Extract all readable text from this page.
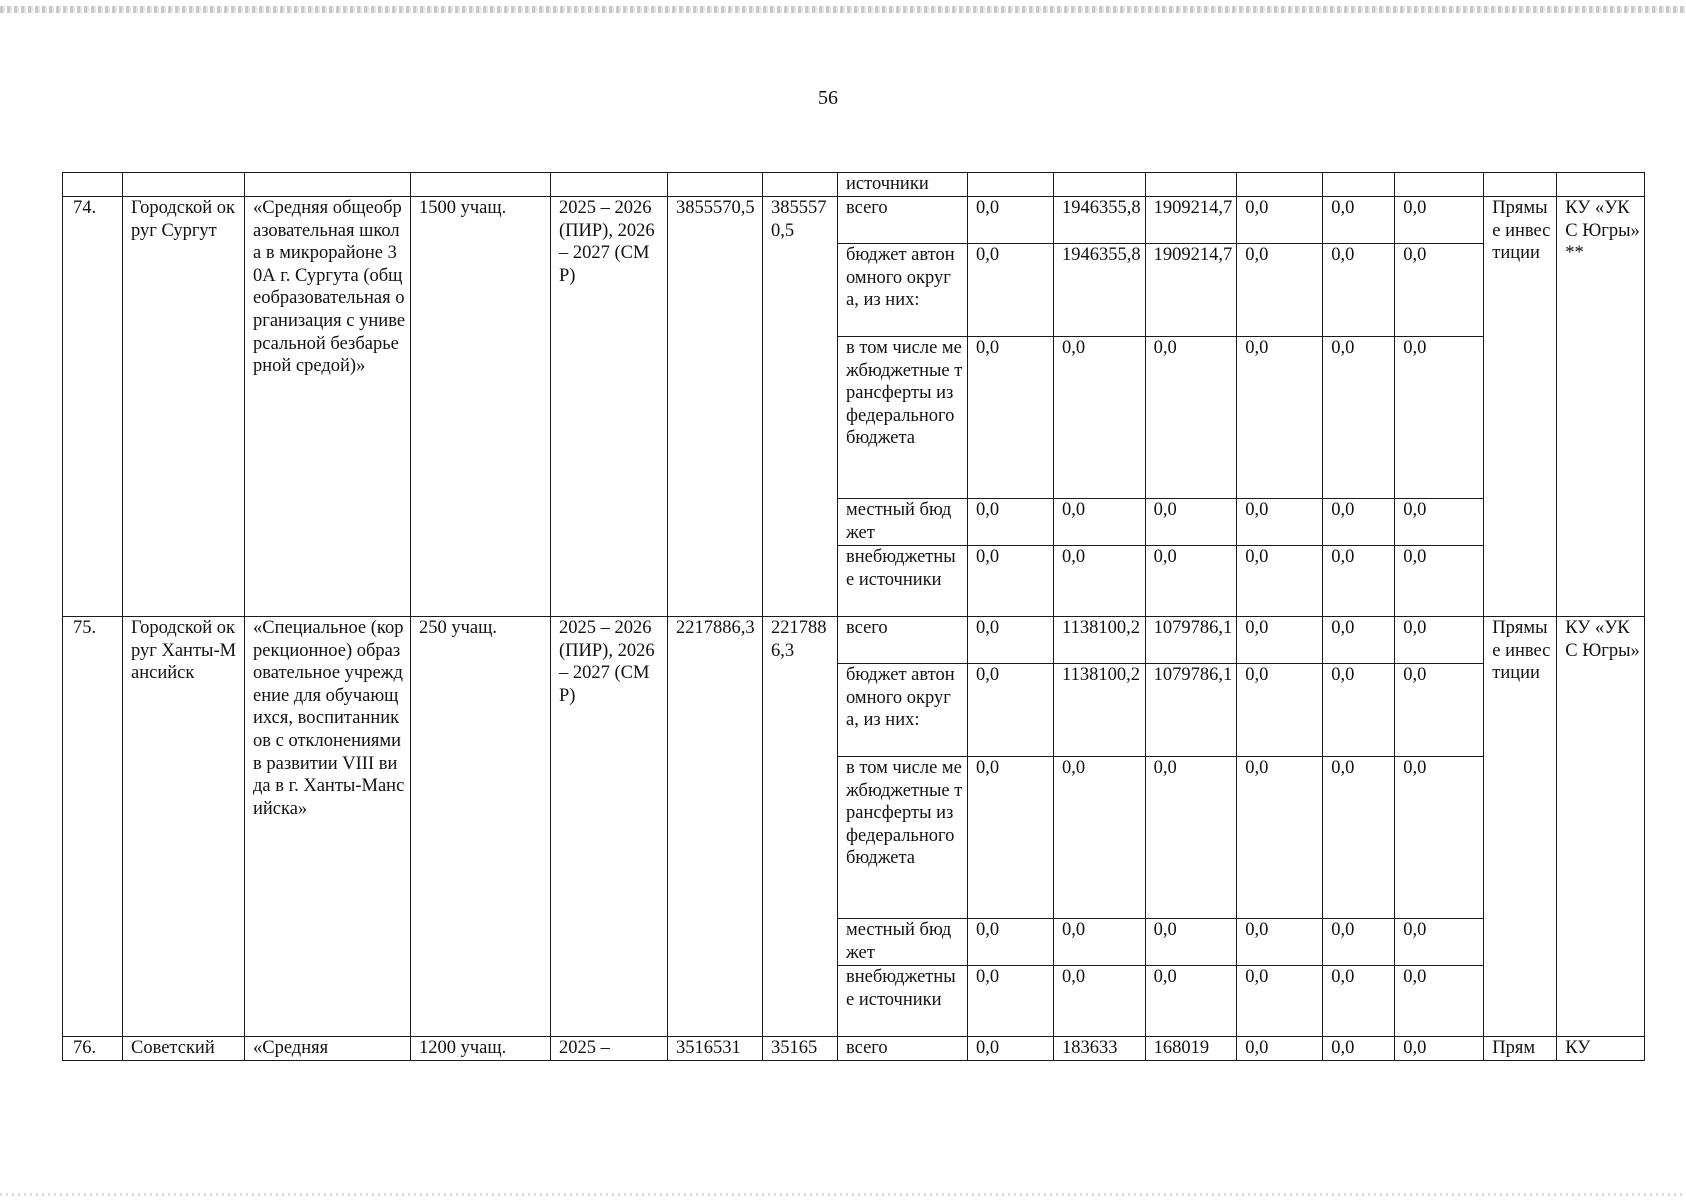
56
							источники								
74.	Городской округ Сургут	«Средняя общеобразовательная школа в микрорайоне 30А г. Сургута (общеобразовательная организация с универсальной безбарьерной средой)»	1500 учащ.	2025 – 2026 (ПИР), 2026 – 2027 (СМР)	3855570,5	3855570,5	всего	0,0	1946355,8	1909214,7	0,0	0,0	0,0	Прямые инвестиции	КУ «УКС Югры» **
							бюджет автономного округа, из них:	0,0	1946355,8	1909214,7	0,0	0,0	0,0		
							в том числе межбюджетные трансферты из федерального бюджета	0,0	0,0	0,0	0,0	0,0	0,0		
							местный бюджет	0,0	0,0	0,0	0,0	0,0	0,0		
							внебюджетные источники	0,0	0,0	0,0	0,0	0,0	0,0		
75.	Городской округ Ханты-Мансийск	«Специальное (коррекционное) образовательное учреждение для обучающихся, воспитанников с отклонениями в развитии VIII вида в г. Ханты-Мансийска»	250 учащ.	2025 – 2026 (ПИР), 2026 – 2027 (СМР)	2217886,3	2217886,3	всего	0,0	1138100,2	1079786,1	0,0	0,0	0,0	Прямые инвестиции	КУ «УКС Югры»
							бюджет автономного округа, из них:	0,0	1138100,2	1079786,1	0,0	0,0	0,0		
							в том числе межбюджетные трансферты из федерального бюджета	0,0	0,0	0,0	0,0	0,0	0,0		
							местный бюджет	0,0	0,0	0,0	0,0	0,0	0,0		
							внебюджетные источники	0,0	0,0	0,0	0,0	0,0	0,0		
76.	Советский	«Средняя	1200 учащ.	2025 –	3516531	35165	всего	0,0	183633	168019	0,0	0,0	0,0	Прям	КУ
